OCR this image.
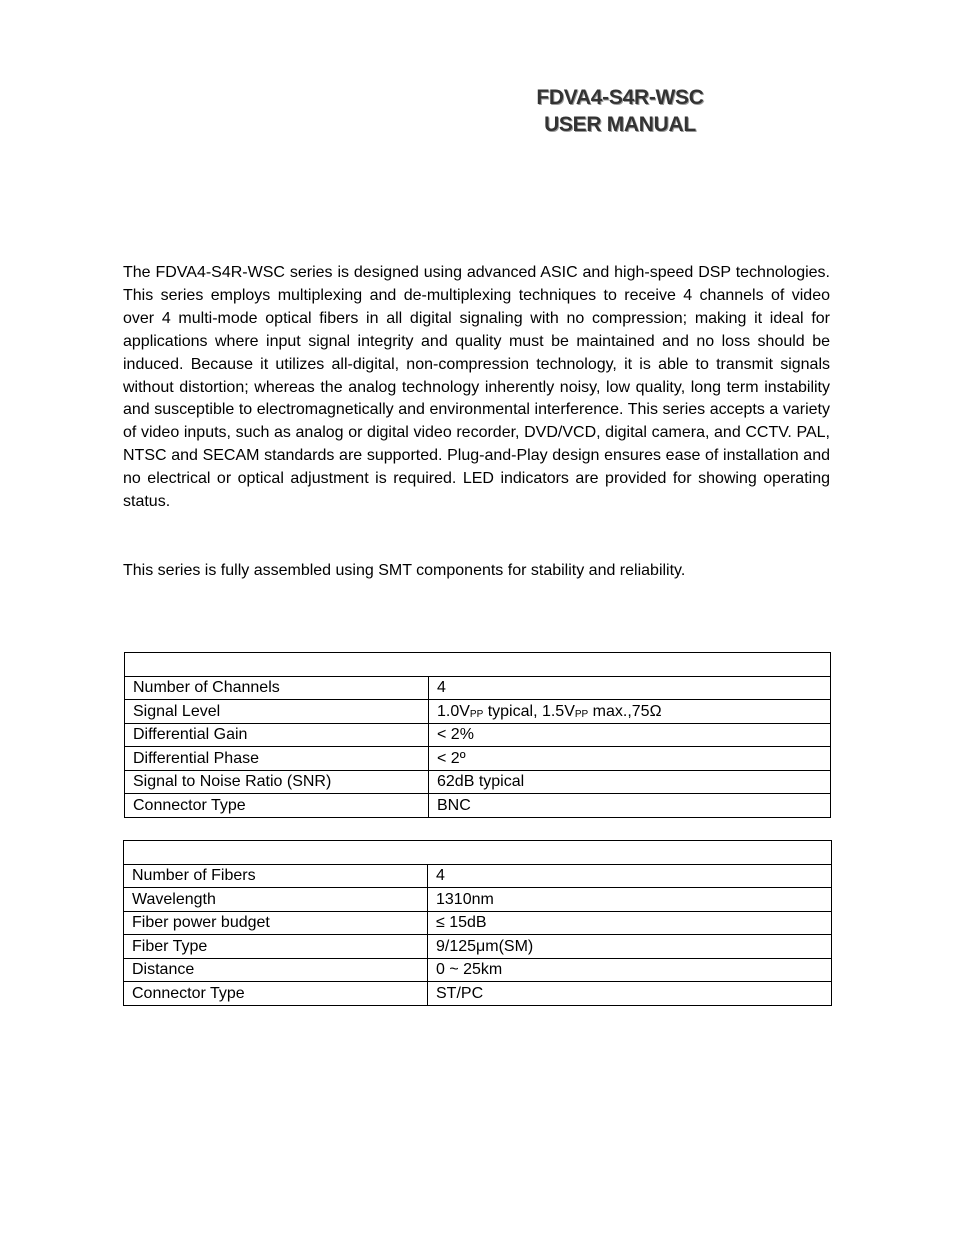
FDVA4-S4R-WSC
USER MANUAL

The FDVA4-S4R-WSC series is designed using advanced ASIC and high-speed DSP technologies. This series employs multiplexing and de-multiplexing techniques to receive 4 channels of video over 4 multi-mode optical fibers in all digital signaling with no compression; making it ideal for applications where input signal integrity and quality must be maintained and no loss should be induced. Because it utilizes all-digital, non-compression technology, it is able to transmit signals without distortion; whereas the analog technology inherently noisy, low quality, long term instability and susceptible to electromagnetically and environmental interference. This series accepts a variety of video inputs, such as analog or digital video recorder, DVD/VCD, digital camera, and CCTV. PAL, NTSC and SECAM standards are supported. Plug-and-Play design ensures ease of installation and no electrical or optical adjustment is required. LED indicators are provided for showing operating status.

This series is fully assembled using SMT components for stability and reliability.

Number of Channels	4
Signal Level	$1.0V_{PP}$ typical, $1.5V_{PP}$ max.,75Ω
Differential Gain	< 2%
Differential Phase	< 2º
Signal to Noise Ratio (SNR)	62dB typical
Connector Type	BNC

Number of Fibers	4
Wavelength	1310nm
Fiber power budget	≤ 15dB
Fiber Type	9/125μm(SM)
Distance	0 ~ 25km
Connector Type	ST/PC
